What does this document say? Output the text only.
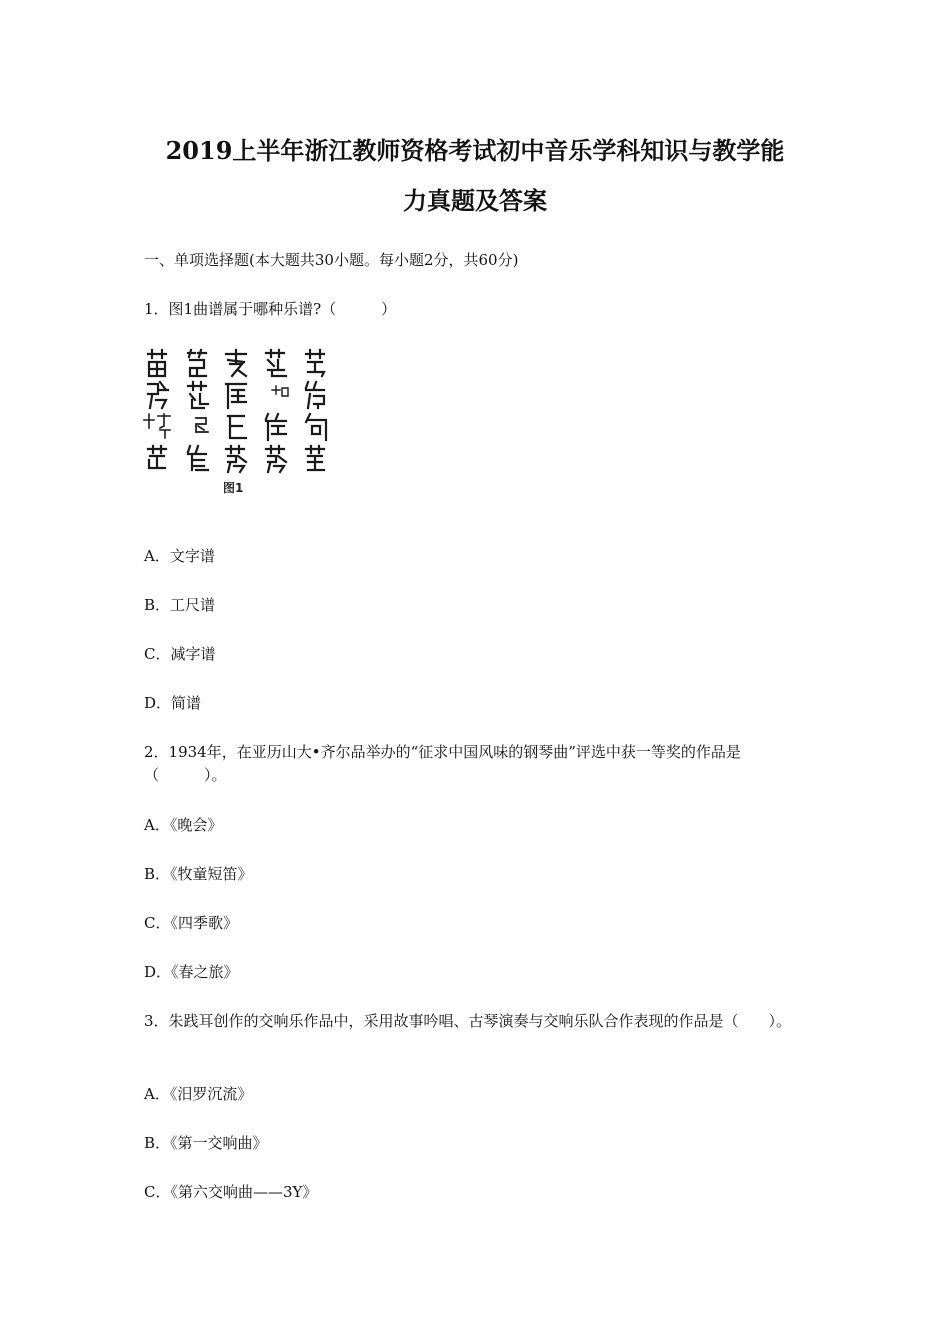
2019上半年浙江教师资格考试初中音乐学科知识与教学能
力真题及答案
一、单项选择题(本大题共30小题。每小题2分，共60分)
1．图1曲谱属于哪种乐谱?（　　　）
图1
A．文字谱
B．工尺谱
C．减字谱
D．简谱
2．1934年，在亚历山大•齐尔品举办的“征求中国风味的钢琴曲”评选中获一等奖的作品是（　　　）。
A．《晚会》
B．《牧童短笛》
C．《四季歌》
D．《春之旅》
3．朱践耳创作的交响乐作品中，采用故事吟唱、古琴演奏与交响乐队合作表现的作品是（　　）。
A．《汨罗沉流》
B．《第一交响曲》
C．《第六交响曲——3Y》
